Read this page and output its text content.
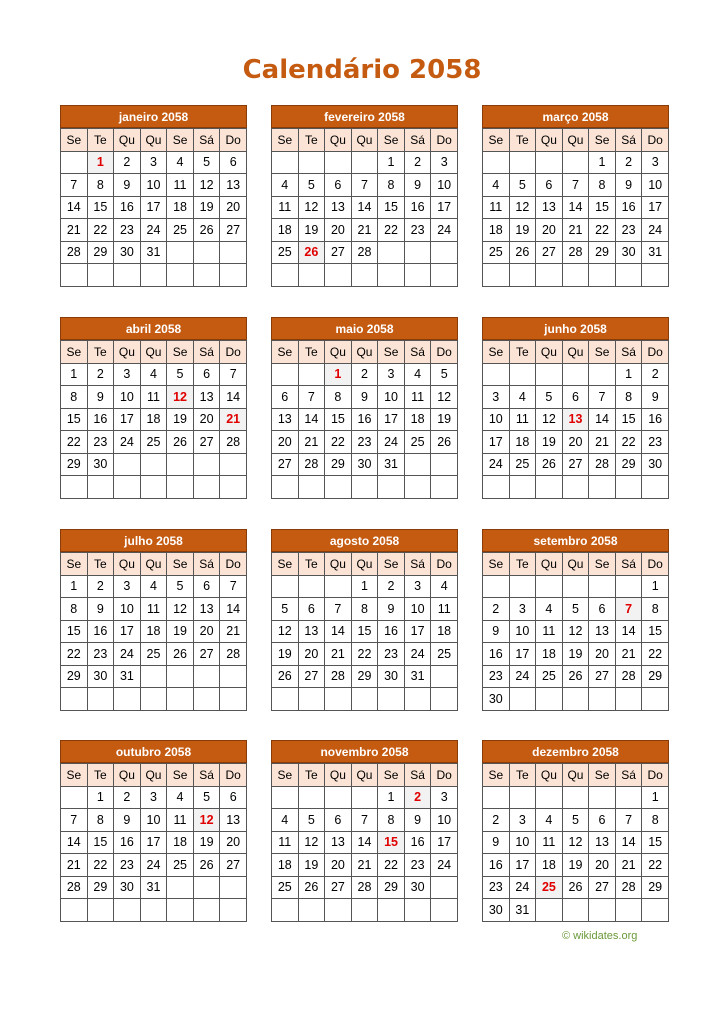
Calendário 2058
janeiro 2058
Se	Te	Qu	Qu	Se	Sá	Do
	1	2	3	4	5	6
7	8	9	10	11	12	13
14	15	16	17	18	19	20
21	22	23	24	25	26	27
28	29	30	31			

fevereiro 2058
Se	Te	Qu	Qu	Se	Sá	Do
				1	2	3
4	5	6	7	8	9	10
11	12	13	14	15	16	17
18	19	20	21	22	23	24
25	26	27	28			

março 2058
Se	Te	Qu	Qu	Se	Sá	Do
				1	2	3
4	5	6	7	8	9	10
11	12	13	14	15	16	17
18	19	20	21	22	23	24
25	26	27	28	29	30	31

abril 2058
Se	Te	Qu	Qu	Se	Sá	Do
1	2	3	4	5	6	7
8	9	10	11	12	13	14
15	16	17	18	19	20	21
22	23	24	25	26	27	28
29	30					

maio 2058
Se	Te	Qu	Qu	Se	Sá	Do
		1	2	3	4	5
6	7	8	9	10	11	12
13	14	15	16	17	18	19
20	21	22	23	24	25	26
27	28	29	30	31		

junho 2058
Se	Te	Qu	Qu	Se	Sá	Do
					1	2
3	4	5	6	7	8	9
10	11	12	13	14	15	16
17	18	19	20	21	22	23
24	25	26	27	28	29	30

julho 2058
Se	Te	Qu	Qu	Se	Sá	Do
1	2	3	4	5	6	7
8	9	10	11	12	13	14
15	16	17	18	19	20	21
22	23	24	25	26	27	28
29	30	31				

agosto 2058
Se	Te	Qu	Qu	Se	Sá	Do
			1	2	3	4
5	6	7	8	9	10	11
12	13	14	15	16	17	18
19	20	21	22	23	24	25
26	27	28	29	30	31	

setembro 2058
Se	Te	Qu	Qu	Se	Sá	Do
						1
2	3	4	5	6	7	8
9	10	11	12	13	14	15
16	17	18	19	20	21	22
23	24	25	26	27	28	29
30						
outubro 2058
Se	Te	Qu	Qu	Se	Sá	Do
	1	2	3	4	5	6
7	8	9	10	11	12	13
14	15	16	17	18	19	20
21	22	23	24	25	26	27
28	29	30	31			

novembro 2058
Se	Te	Qu	Qu	Se	Sá	Do
				1	2	3
4	5	6	7	8	9	10
11	12	13	14	15	16	17
18	19	20	21	22	23	24
25	26	27	28	29	30	

dezembro 2058
Se	Te	Qu	Qu	Se	Sá	Do
						1
2	3	4	5	6	7	8
9	10	11	12	13	14	15
16	17	18	19	20	21	22
23	24	25	26	27	28	29
30	31					
© wikidates.org
